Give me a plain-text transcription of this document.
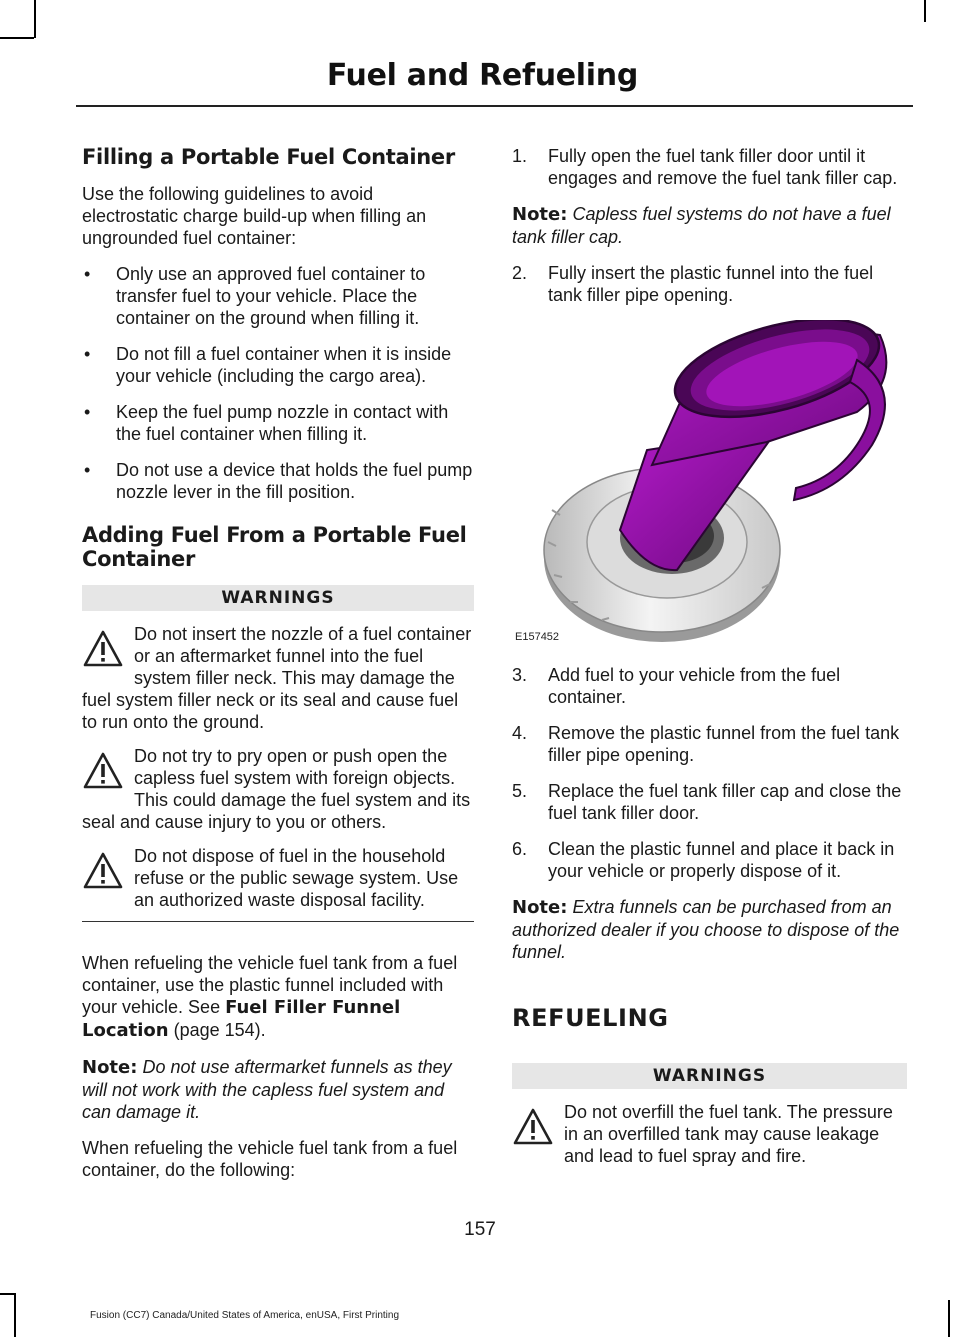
Fuel and Refueling
Filling a Portable Fuel Container

Use the following guidelines to avoid electrostatic charge build-up when filling an ungrounded fuel container:

• Only use an approved fuel container to transfer fuel to your vehicle. Place the container on the ground when filling it.
• Do not fill a fuel container when it is inside your vehicle (including the cargo area).
• Keep the fuel pump nozzle in contact with the fuel container when filling it.
• Do not use a device that holds the fuel pump nozzle lever in the fill position.
Adding Fuel From a Portable Fuel Container
WARNINGS
Do not insert the nozzle of a fuel container or an aftermarket funnel into the fuel system filler neck. This may damage the fuel system filler neck or its seal and cause fuel to run onto the ground.
Do not try to pry open or push open the capless fuel system with foreign objects. This could damage the fuel system and its seal and cause injury to you or others.
Do not dispose of fuel in the household refuse or the public sewage system. Use an authorized waste disposal facility.

When refueling the vehicle fuel tank from a fuel container, use the plastic funnel included with your vehicle. See Fuel Filler Funnel Location (page 154).

Note: Do not use aftermarket funnels as they will not work with the capless fuel system and can damage it.

When refueling the vehicle fuel tank from a fuel container, do the following:

1. Fully open the fuel tank filler door until it engages and remove the fuel tank filler cap.

Note: Capless fuel systems do not have a fuel tank filler cap.

2. Fully insert the plastic funnel into the fuel tank filler pipe opening.
E157452
3. Add fuel to your vehicle from the fuel container.
4. Remove the plastic funnel from the fuel tank filler pipe opening.
5. Replace the fuel tank filler cap and close the fuel tank filler door.
6. Clean the plastic funnel and place it back in your vehicle or properly dispose of it.

Note: Extra funnels can be purchased from an authorized dealer if you choose to dispose of the funnel.

REFUELING
WARNINGS
Do not overfill the fuel tank. The pressure in an overfilled tank may cause leakage and lead to fuel spray and fire.
157
Fusion (CC7) Canada/United States of America, enUSA, First Printing
